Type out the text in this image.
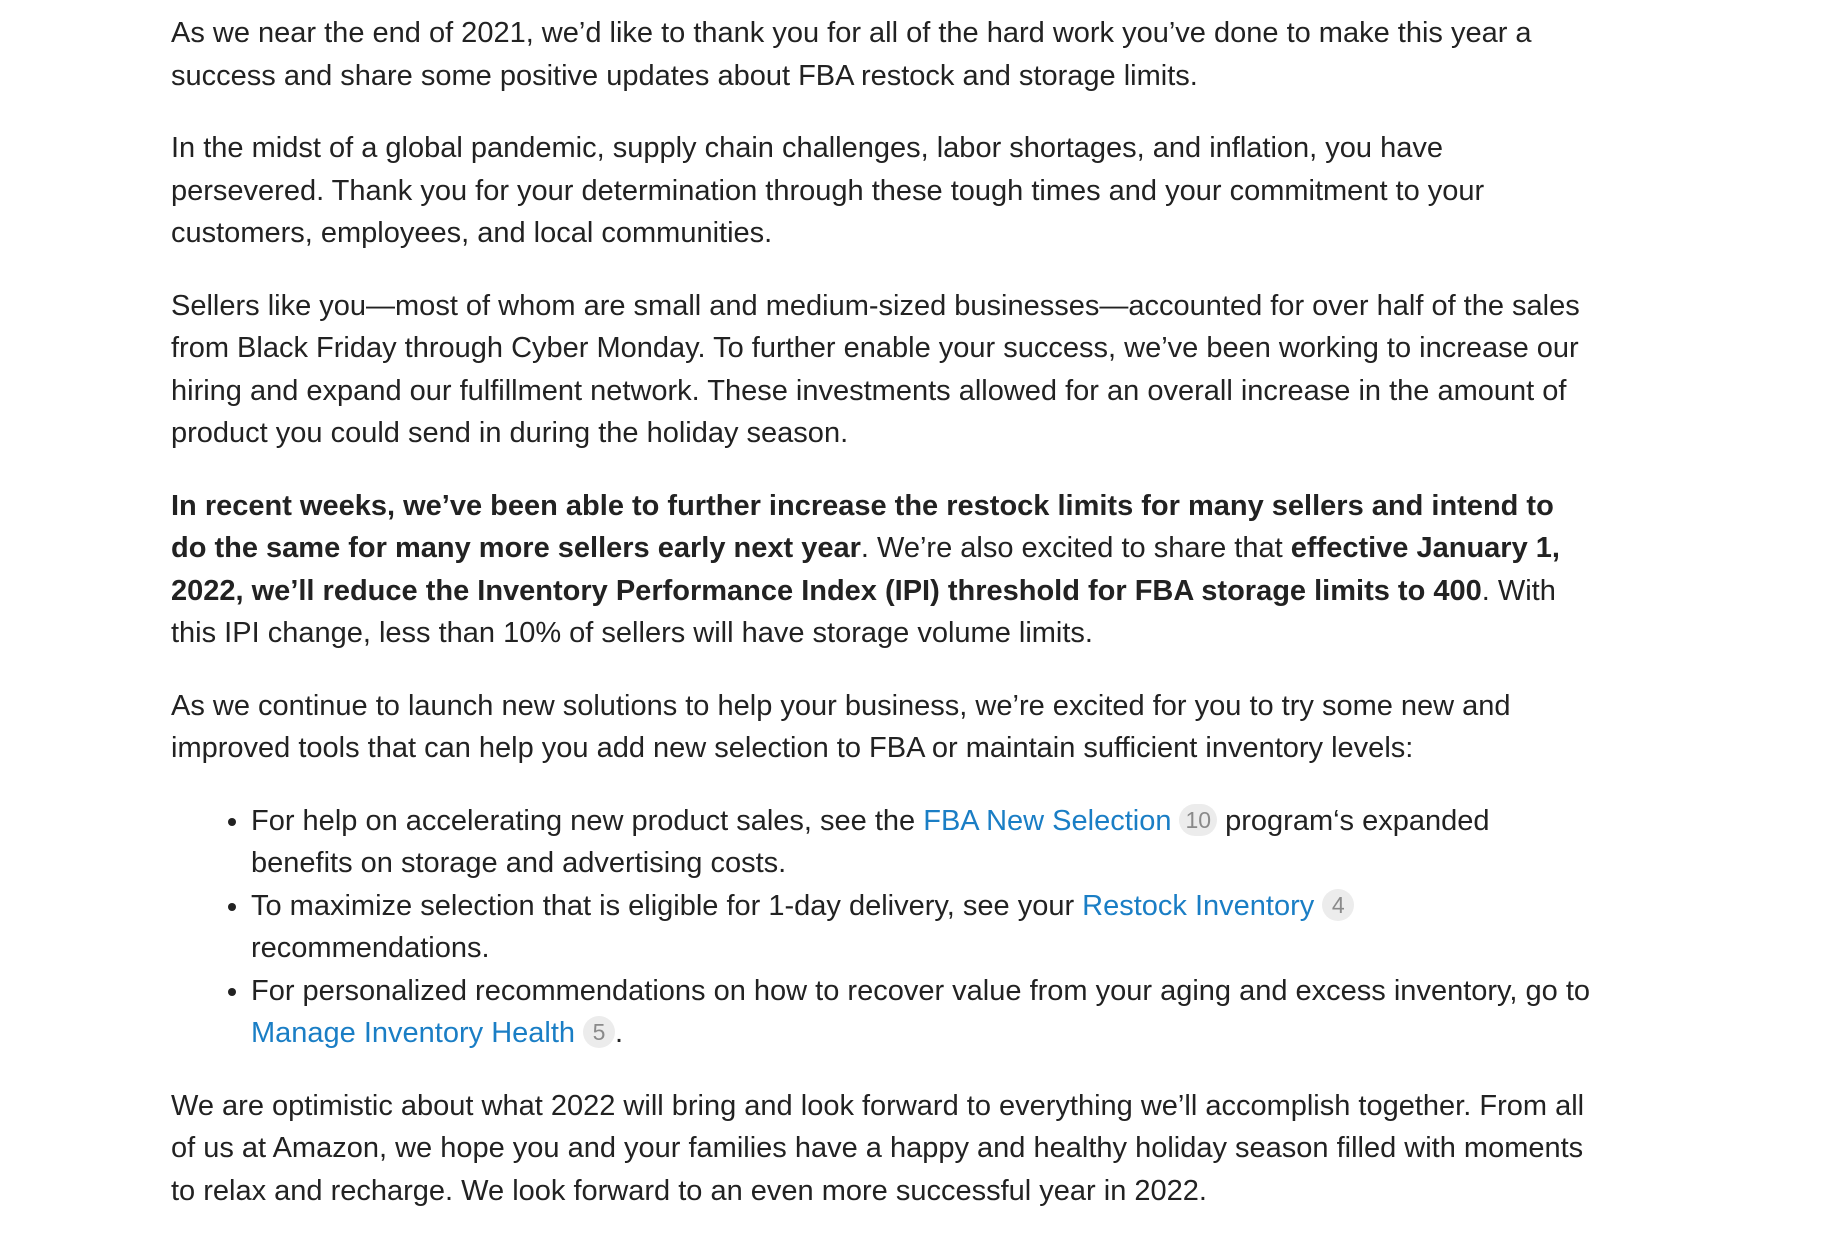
As we near the end of 2021, we’d like to thank you for all of the hard work you’ve done to make this year a success and share some positive updates about FBA restock and storage limits.

In the midst of a global pandemic, supply chain challenges, labor shortages, and inflation, you have persevered. Thank you for your determination through these tough times and your commitment to your customers, employees, and local communities.

Sellers like you—most of whom are small and medium-sized businesses—accounted for over half of the sales from Black Friday through Cyber Monday. To further enable your success, we’ve been working to increase our hiring and expand our fulfillment network. These investments allowed for an overall increase in the amount of product you could send in during the holiday season.

In recent weeks, we’ve been able to further increase the restock limits for many sellers and intend to do the same for many more sellers early next year. We’re also excited to share that effective January 1, 2022, we’ll reduce the Inventory Performance Index (IPI) threshold for FBA storage limits to 400. With this IPI change, less than 10% of sellers will have storage volume limits.

As we continue to launch new solutions to help your business, we’re excited for you to try some new and improved tools that can help you add new selection to FBA or maintain sufficient inventory levels:

• For help on accelerating new product sales, see the FBA New Selection 10 program‘s expanded benefits on storage and advertising costs.
• To maximize selection that is eligible for 1-day delivery, see your Restock Inventory 4 recommendations.
• For personalized recommendations on how to recover value from your aging and excess inventory, go to Manage Inventory Health 5 .

We are optimistic about what 2022 will bring and look forward to everything we’ll accomplish together. From all of us at Amazon, we hope you and your families have a happy and healthy holiday season filled with moments to relax and recharge. We look forward to an even more successful year in 2022.
